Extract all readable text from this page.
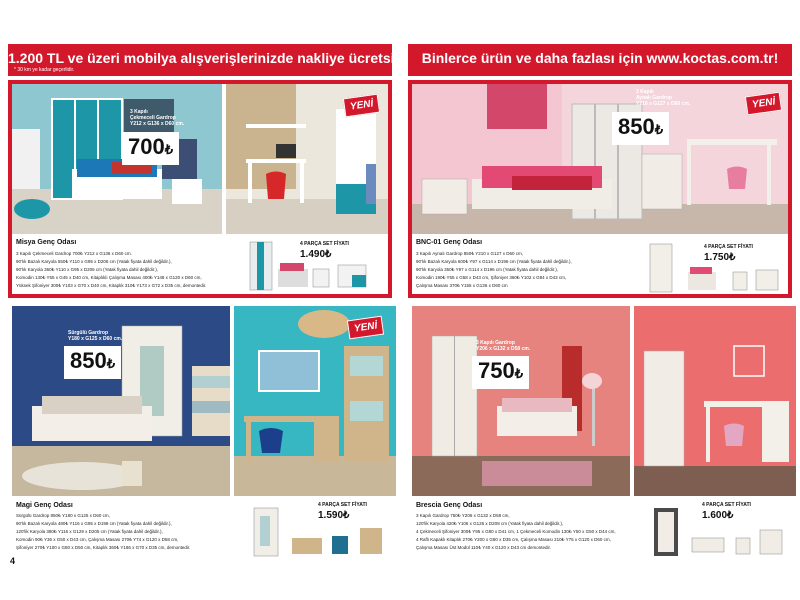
1.200 TL ve üzeri mobilya alışverişlerinizde nakliye ücretsiz!
* 30 km ye kadar geçerlidir.
Binlerce ürün ve daha fazlası için www.koctas.com.tr!
700₺
3 Kapılı
Çekmeceli Gardrop
Y212 x G136 x D60 cm.
YENİ
Misya Genç Odası
3 Kapılı Çekmeceli Gardrop 700₺ Y212 x G136 x D60 cm.
90'lık Bazalı Karyola 550₺ Y110 x G95 x D206 cm (Yatak fiyata dahil değildir.),
90'lık Karyola 360₺ Y110 x G95 x D206 cm (Yatak fiyata dahil değildir.),
Komodin 130₺ Y55 x G45 x D40 cm, Kitaplıklı Çalışma Masası 400₺ Y148 x G120 x D60 cm,
Yüksek Şifoniyer 300₺ Y103 x G70 x D40 cm, Kitaplık 310₺ Y173 x G72 x D35 cm, demontedir.
4 PARÇA SET FİYATI
1.490₺
850₺
3 Kapılı
Aynalı Gardrop
Y210 x G127 x D60 cm.	YENİ
BNC-01 Genç Odası
3 Kapılı Aynalı Gardrop 850₺ Y210 x G127 x D60 cm,
90'lık Bazalı Karyola 600₺ Y97 x G114 x D196 cm (Yatak fiyata dahil değildir.),
90'lık Karyola 350₺ Y97 x G114 x D196 cm (Yatak fiyata dahil değildir.),
Komodin 190₺ Y55 x G58 x D43 cm, Şifoniyer 360₺ Y102 x G84 x D43 cm,
Çalışma Masası 370₺ Y155 x G136 x D60 cm
4 PARÇA SET FİYATI
1.750₺
850₺
Sürgülü Gardrop
Y180 x G125 x D60 cm.
YENİ
Magi Genç Odası
Sürgülü Gardrop 850₺ Y180 x G125 x D60 cm,
90'lık Bazalı Karyola 480₺ Y116 x G95 x D198 cm (Yatak fiyata dahil değildir.),
120'lik Karyola 380₺ Y116 x G129 x D205 cm (Yatak fiyata dahil değildir.),
Komodin 90₺ Y36 x G50 x D43 cm, Çalışma Masası 270₺ Y74 x G120 x D58 cm,
Şifoniyer 270₺ Y100 x G80 x D50 cm, Kitaplık 360₺ Y186 x G70 x D35 cm, demontedir.
4 PARÇA SET FİYATI
1.590₺
750₺
3 Kapılı Gardrop
Y206 x G132 x D58 cm.
Brescia Genç Odası
3 Kapılı Gardrop 750₺ Y206 x G132 x D58 cm,
120'lik Karyola 420₺ Y106 x G126 x D208 cm (Yatak fiyata dahil değildir.),
4 Çekmeceli Şifoniyer 300₺ Y95 x G80 x D41 cm, 1 Çekmeceli Komodin 130₺ Y50 x G50 x D44 cm,
4 Raflı Kapaklı Kitaplık 270₺ Y200 x G80 x D35 cm, Çalışma Masası 210₺ Y75 x G120 x D60 cm,
Çalışma Masası Üst Modül 110₺ Y40 x G120 x D43 cm demontedir.
4 PARÇA SET FİYATI
1.600₺
4
